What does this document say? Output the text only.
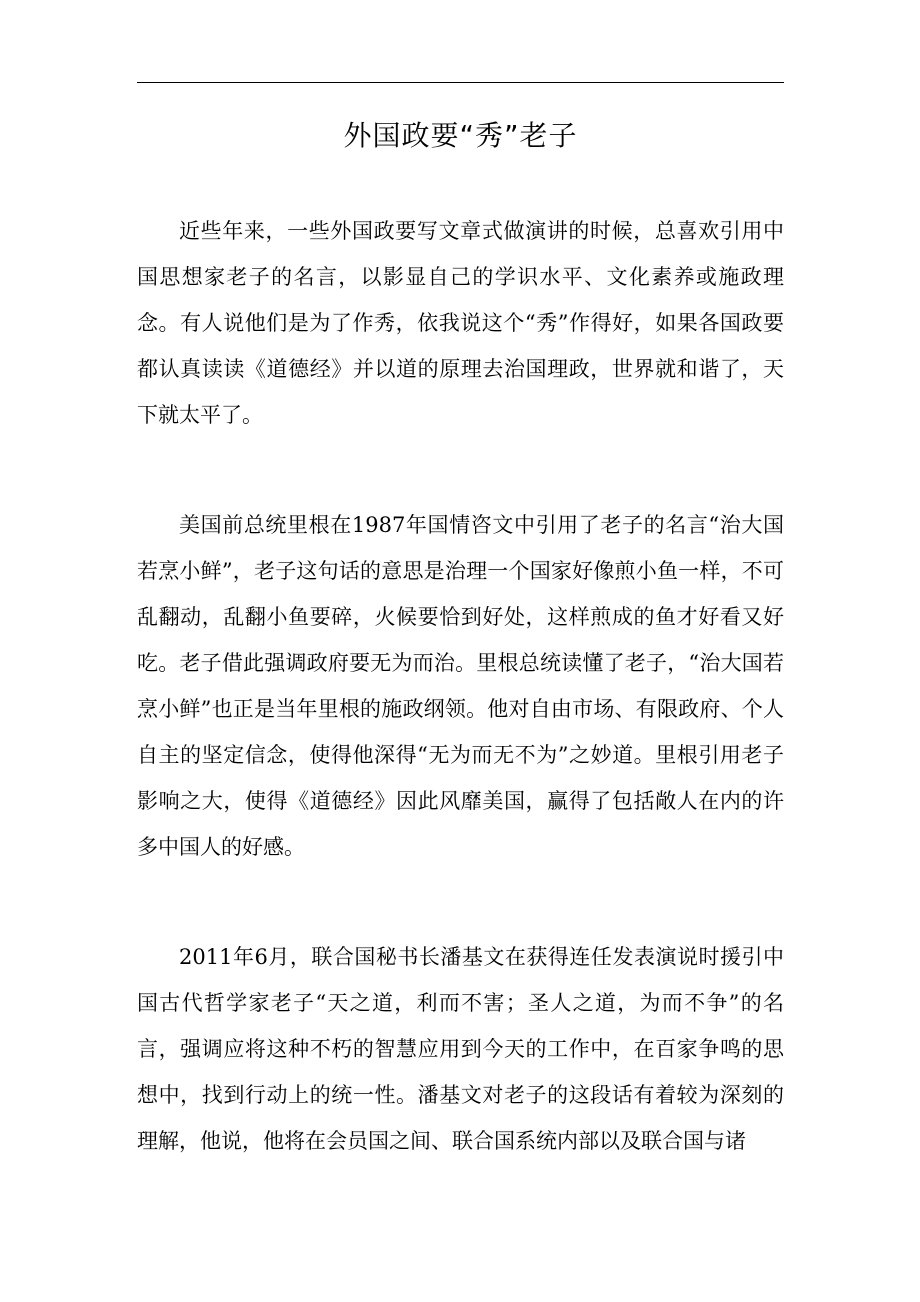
外国政要“秀”老子

近些年来，一些外国政要写文章式做演讲的时候，总喜欢引用中国思想家老子的名言，以影显自己的学识水平、文化素养或施政理念。有人说他们是为了作秀，依我说这个“秀”作得好，如果各国政要都认真读读《道德经》并以道的原理去治国理政，世界就和谐了，天下就太平了。

美国前总统里根在1987年国情咨文中引用了老子的名言“治大国若烹小鲜”，老子这句话的意思是治理一个国家好像煎小鱼一样，不可乱翻动，乱翻小鱼要碎，火候要恰到好处，这样煎成的鱼才好看又好吃。老子借此强调政府要无为而治。里根总统读懂了老子，“治大国若烹小鲜”也正是当年里根的施政纲领。他对自由市场、有限政府、个人自主的坚定信念，使得他深得“无为而无不为”之妙道。里根引用老子影响之大，使得《道德经》因此风靡美国，赢得了包括敞人在内的许多中国人的好感。

2011年6月，联合国秘书长潘基文在获得连任发表演说时援引中国古代哲学家老子“天之道，利而不害；圣人之道，为而不争”的名言，强调应将这种不朽的智慧应用到今天的工作中，在百家争鸣的思想中，找到行动上的统一性。潘基文对老子的这段话有着较为深刻的理解，他说，他将在会员国之间、联合国系统内部以及联合国与诸
